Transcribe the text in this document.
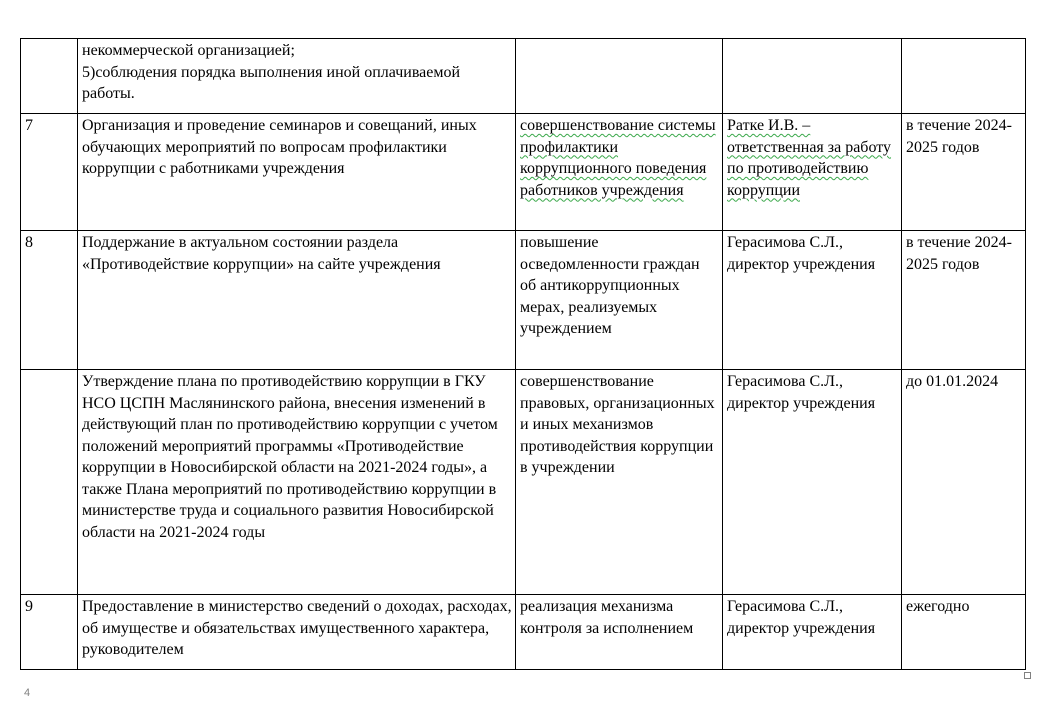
	некоммерческой организацией;
5)соблюдения порядка выполнения иной оплачиваемой работы.			
7	Организация и проведение семинаров и совещаний, иных обучающих мероприятий по вопросам профилактики коррупции с работниками учреждения	совершенствование системы профилактики коррупционного поведения работников учреждения	Ратке И.В. – ответственная за работу по противодействию коррупции	в течение 2024-2025 годов
8	Поддержание в актуальном состоянии раздела «Противодействие коррупции» на сайте учреждения	повышение осведомленности граждан об антикоррупционных мерах, реализуемых учреждением	Герасимова С.Л., директор учреждения	в течение 2024-2025 годов
	Утверждение плана по противодействию коррупции в ГКУ НСО ЦСПН Маслянинского района, внесения изменений в действующий план по противодействию коррупции с учетом положений мероприятий программы «Противодействие коррупции в Новосибирской области на 2021-2024 годы», а также Плана мероприятий по противодействию коррупции в министерстве труда и социального развития Новосибирской области на 2021-2024 годы	совершенствование правовых, организационных и иных механизмов противодействия коррупции в учреждении	Герасимова С.Л., директор учреждения	до 01.01.2024
9	Предоставление в министерство сведений о доходах, расходах, об имуществе и обязательствах имущественного характера, руководителем	реализация механизма контроля за исполнением	Герасимова С.Л., директор учреждения	ежегодно
4
